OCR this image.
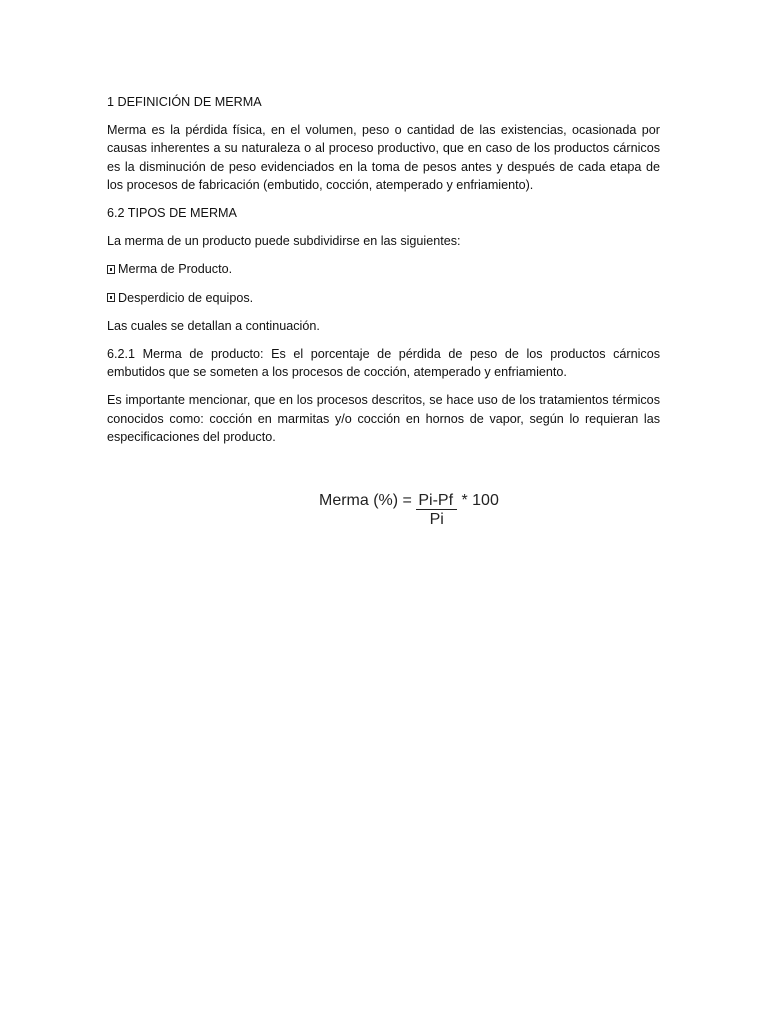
1 DEFINICIÓN DE MERMA

Merma es la pérdida física, en el volumen, peso o cantidad de las existencias, ocasionada por causas inherentes a su naturaleza o al proceso productivo, que en caso de los productos cárnicos es la disminución de peso evidenciados en la toma de pesos antes y después de cada etapa de los procesos de fabricación (embutido, cocción, atemperado y enfriamiento).

6.2 TIPOS DE MERMA

La merma de un producto puede subdividirse en las siguientes:

Merma de Producto.
Desperdicio de equipos.

Las cuales se detallan a continuación.

6.2.1 Merma de producto: Es el porcentaje de pérdida de peso de los productos cárnicos embutidos que se someten a los procesos de cocción, atemperado y enfriamiento.

Es importante mencionar, que en los procesos descritos, se hace uso de los tratamientos térmicos conocidos como: cocción en marmitas y/o cocción en hornos de vapor, según lo requieran las especificaciones del producto.

Merma (%) = $\frac{Pi-Pf}{Pi} * 100$
